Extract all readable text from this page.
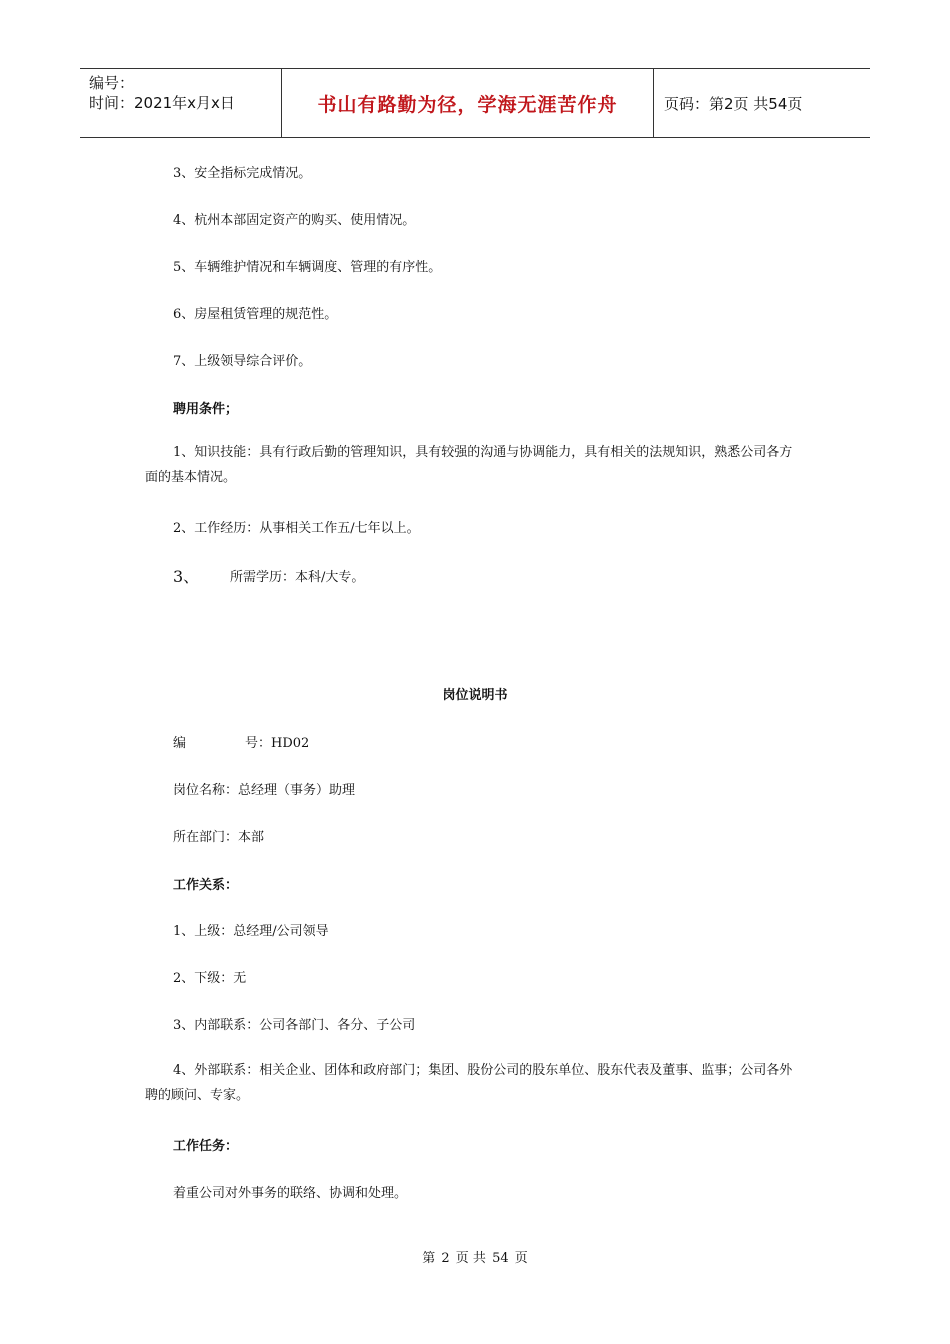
编号：
时间：2021年x月x日	书山有路勤为径，学海无涯苦作舟	页码：第2页 共54页
3、安全指标完成情况。
4、杭州本部固定资产的购买、使用情况。
5、车辆维护情况和车辆调度、管理的有序性。
6、房屋租赁管理的规范性。
7、上级领导综合评价。
聘用条件；
1、知识技能：具有行政后勤的管理知识，具有较强的沟通与协调能力，具有相关的法规知识，熟悉公司各方面的基本情况。
2、工作经历：从事相关工作五/七年以上。
3、 所需学历：本科/大专。
岗位说明书
编	号：HD02
岗位名称：总经理（事务）助理
所在部门：本部
工作关系：
1、上级：总经理/公司领导
2、下级：无
3、内部联系：公司各部门、各分、子公司
4、外部联系：相关企业、团体和政府部门；集团、股份公司的股东单位、股东代表及董事、监事；公司各外聘的顾问、专家。
工作任务：
着重公司对外事务的联络、协调和处理。
第 2 页 共 54 页
